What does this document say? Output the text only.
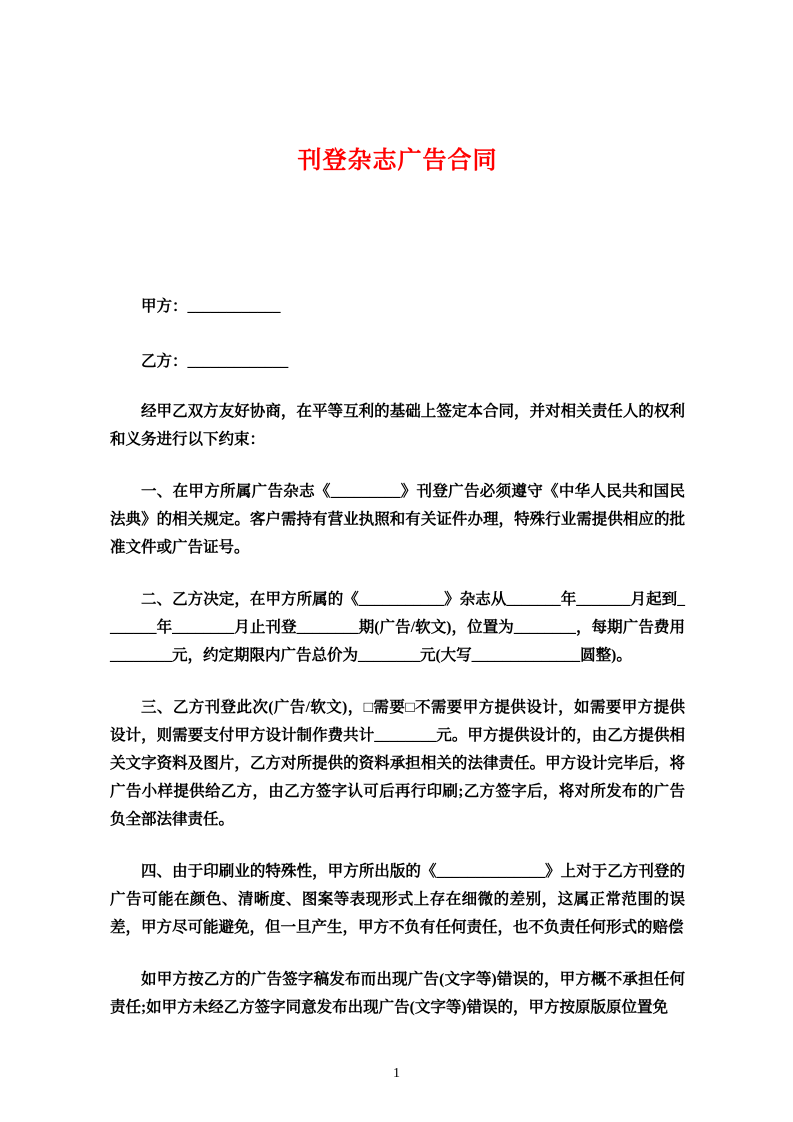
刊登杂志广告合同

甲方：____________

乙方：_____________

经甲乙双方友好协商，在平等互利的基础上签定本合同，并对相关责任人的权利和义务进行以下约束：

一、在甲方所属广告杂志《_________》刊登广告必须遵守《中华人民共和国民法典》的相关规定。客户需持有营业执照和有关证件办理，特殊行业需提供相应的批准文件或广告证号。

二、乙方决定，在甲方所属的《___________》杂志从_______年_______月起到_______年________月止刊登________期(广告/软文)，位置为________，每期广告费用________元，约定期限内广告总价为________元(大写______________圆整)。

三、乙方刊登此次(广告/软文)，□需要□不需要甲方提供设计，如需要甲方提供设计，则需要支付甲方设计制作费共计________元。甲方提供设计的，由乙方提供相关文字资料及图片，乙方对所提供的资料承担相关的法律责任。甲方设计完毕后，将广告小样提供给乙方，由乙方签字认可后再行印刷;乙方签字后，将对所发布的广告负全部法律责任。

四、由于印刷业的特殊性，甲方所出版的《______________》上对于乙方刊登的广告可能在颜色、清晰度、图案等表现形式上存在细微的差别，这属正常范围的误差，甲方尽可能避免，但一旦产生，甲方不负有任何责任，也不负责任何形式的赔偿

如甲方按乙方的广告签字稿发布而出现广告(文字等)错误的，甲方概不承担任何责任;如甲方未经乙方签字同意发布出现广告(文字等)错误的，甲方按原版原位置免

1
